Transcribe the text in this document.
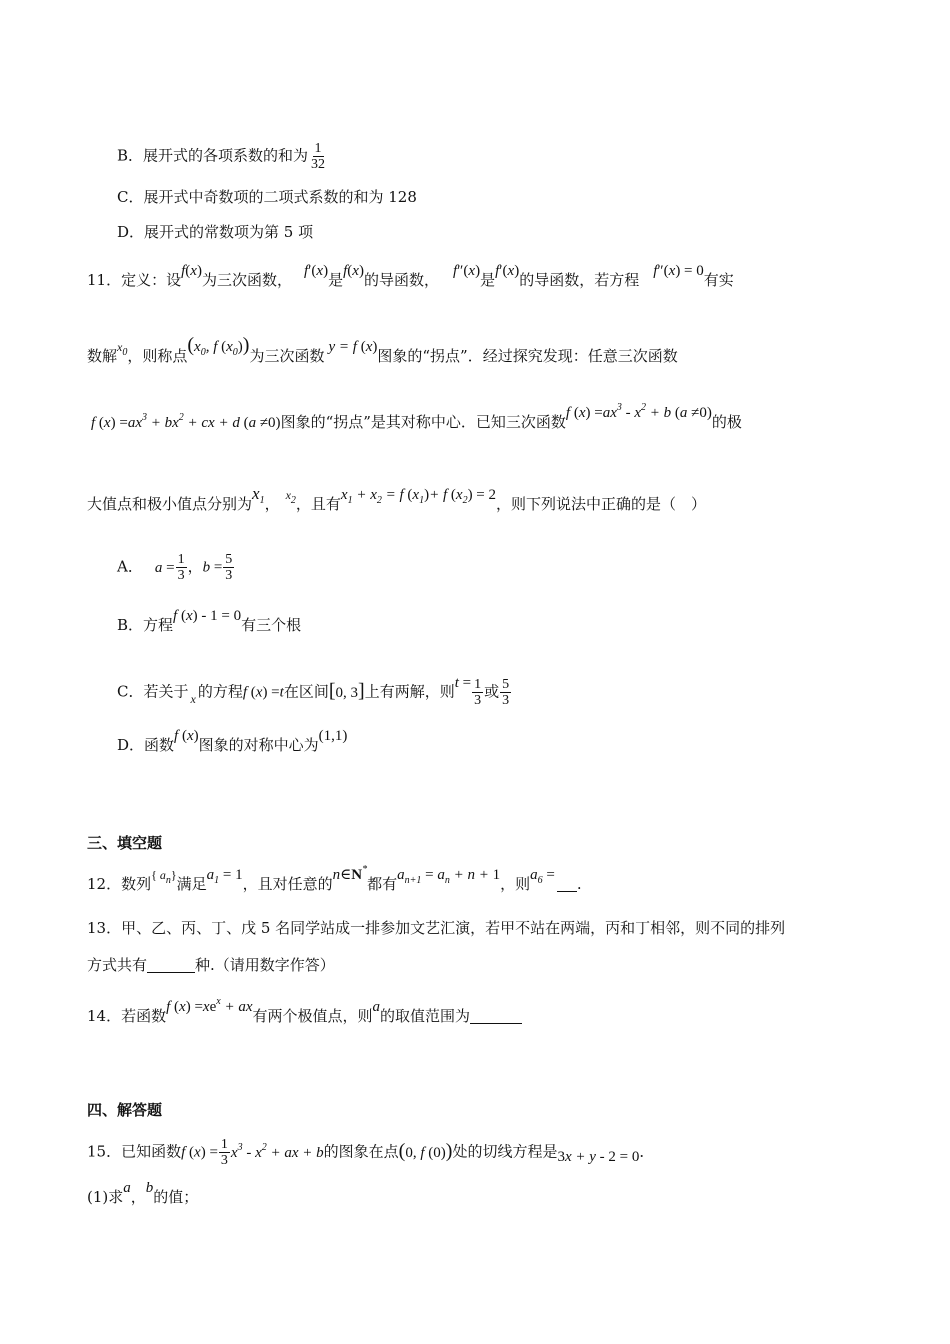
B．展开式的各项系数的和为 $\frac{1}{32}$
C．展开式中奇数项的二项式系数的和为 128
D．展开式的常数项为第 5 项
11．定义：设f(x)为三次函数， f′(x)是f(x)的导函数， f″(x)是f′(x)的导函数，若方程 f″(x) = 0有实
数解$^{x_0}$，则称点($x_0$, f $(x_0)$)为三次函数 y = f (x)图象的“拐点”．经过探究发现：任意三次函数
f $(x) =ax^3 + bx^2$ + cx + d (a ≠0)图象的“拐点”是其对称中心．已知三次函数f $(x) =ax^3 - x^2 + b$ (a ≠0)的极
大值点和极小值点分别为$x_1$， $^{x_2}$，且有$x_1 + x_2 = f$ $(x_1)+ f$ $(x_2) = 2$，则下列说法中正确的是（　）
A． $a = \frac{1}{3}$ ，$b = \frac{5}{3}$
B．方程f (x) - 1 = 0有三个根
C．若关于 $_x$ 的方程f (x) =t在区间[0, 3]上有两解，则$t = \frac{1}{3}$ 或 $\frac{5}{3}$
D．函数f (x)图象的对称中心为(1,1)
三、填空题
12．数列$^{\{ a_n\}}$满足$a_1 = 1$，且对任意的n∈N*都有$a_{n+1} = a_n + n + 1$，则$a_6$ = .
13．甲、乙、丙、丁、戊 5 名同学站成一排参加文艺汇演，若甲不站在两端，丙和丁相邻，则不同的排列
方式共有	种.（请用数字作答）
14．若函数f $(x) =xe^x$ + ax有两个极值点，则a的取值范围为
四、解答题
15．已知函数f $(x) = \frac{1}{3} x^3 - x^2$ + ax + b的图象在点(0, f (0))处的切线方程是3x + y - 2 = 0．
(1)求a，b的值；
